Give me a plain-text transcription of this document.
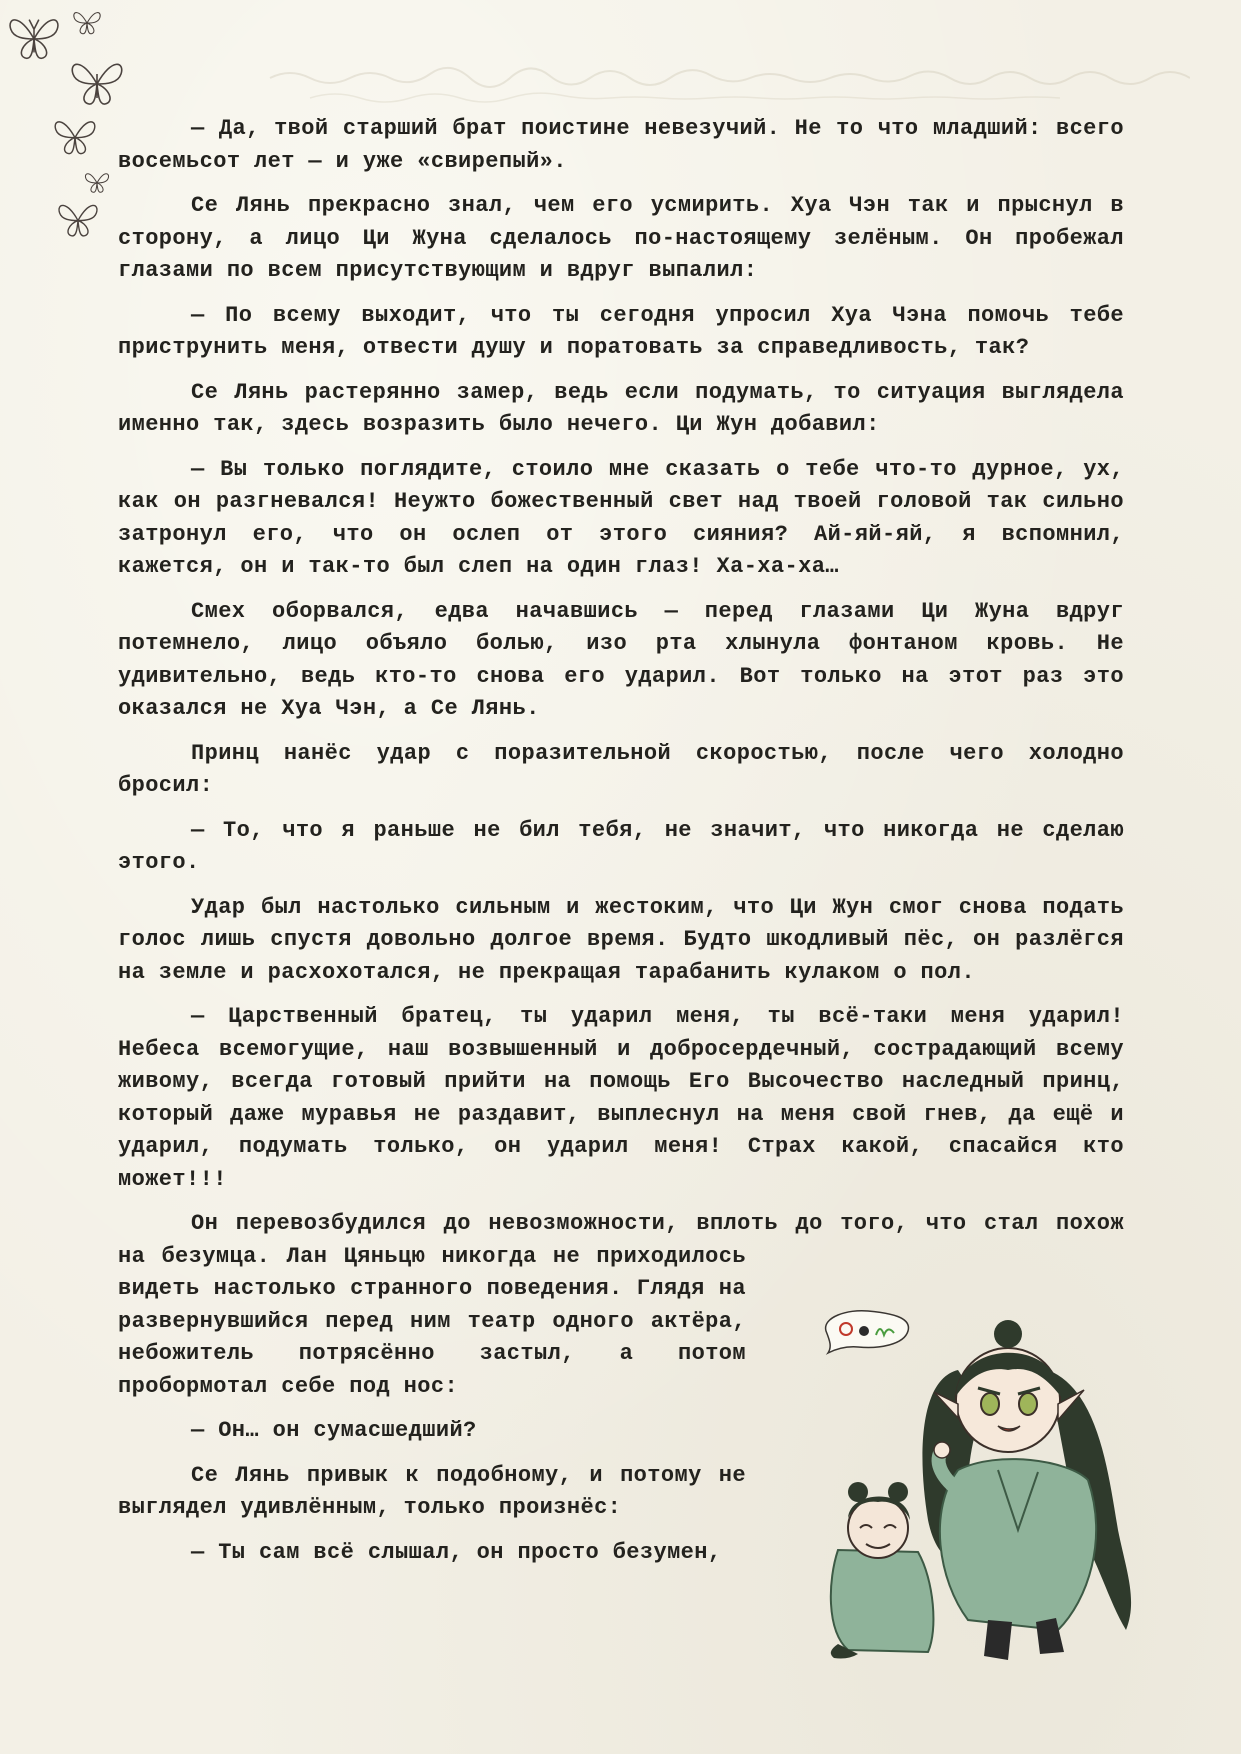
— Да, твой старший брат поистине невезучий. Не то что младший: всего восемьсот лет — и уже «свирепый».

Се Лянь прекрасно знал, чем его усмирить. Хуа Чэн так и прыснул в сторону, а лицо Ци Жуна сделалось по-настоящему зелёным. Он пробежал глазами по всем присутствующим и вдруг выпалил:

— По всему выходит, что ты сегодня упросил Хуа Чэна помочь тебе приструнить меня, отвести душу и поратовать за справедливость, так?

Се Лянь растерянно замер, ведь если подумать, то ситуация выглядела именно так, здесь возразить было нечего. Ци Жун добавил:

— Вы только поглядите, стоило мне сказать о тебе что-то дурное, ух, как он разгневался! Неужто божественный свет над твоей головой так сильно затронул его, что он ослеп от этого сияния? Ай-яй-яй, я вспомнил, кажется, он и так-то был слеп на один глаз! Ха-ха-ха…

Смех оборвался, едва начавшись — перед глазами Ци Жуна вдруг потемнело, лицо объяло болью, изо рта хлынула фонтаном кровь. Не удивительно, ведь кто-то снова его ударил. Вот только на этот раз это оказался не Хуа Чэн, а Се Лянь.

Принц нанёс удар с поразительной скоростью, после чего холодно бросил:

— То, что я раньше не бил тебя, не значит, что никогда не сделаю этого.

Удар был настолько сильным и жестоким, что Ци Жун смог снова подать голос лишь спустя довольно долгое время. Будто шкодливый пёс, он разлёгся на земле и расхохотался, не прекращая тарабанить кулаком о пол.

— Царственный братец, ты ударил меня, ты всё-таки меня ударил! Небеса всемогущие, наш возвышенный и добросердечный, сострадающий всему живому, всегда готовый прийти на помощь Его Высочество наследный принц, который даже муравья не раздавит, выплеснул на меня свой гнев, да ещё и ударил, подумать только, он ударил меня! Страх какой, спасайся кто может!!!

Он перевозбудился до невозможности, вплоть до того, что стал похож

на безумца. Лан Цяньцю никогда не приходилось видеть настолько странного поведения. Глядя на развернувшийся перед ним театр одного актёра, небожитель потрясённо застыл, а потом пробормотал себе под нос:

— Он… он сумасшедший?

Се Лянь привык к подобному, и потому не выглядел удивлённым, только произнёс:

— Ты сам всё слышал, он просто безумен,
